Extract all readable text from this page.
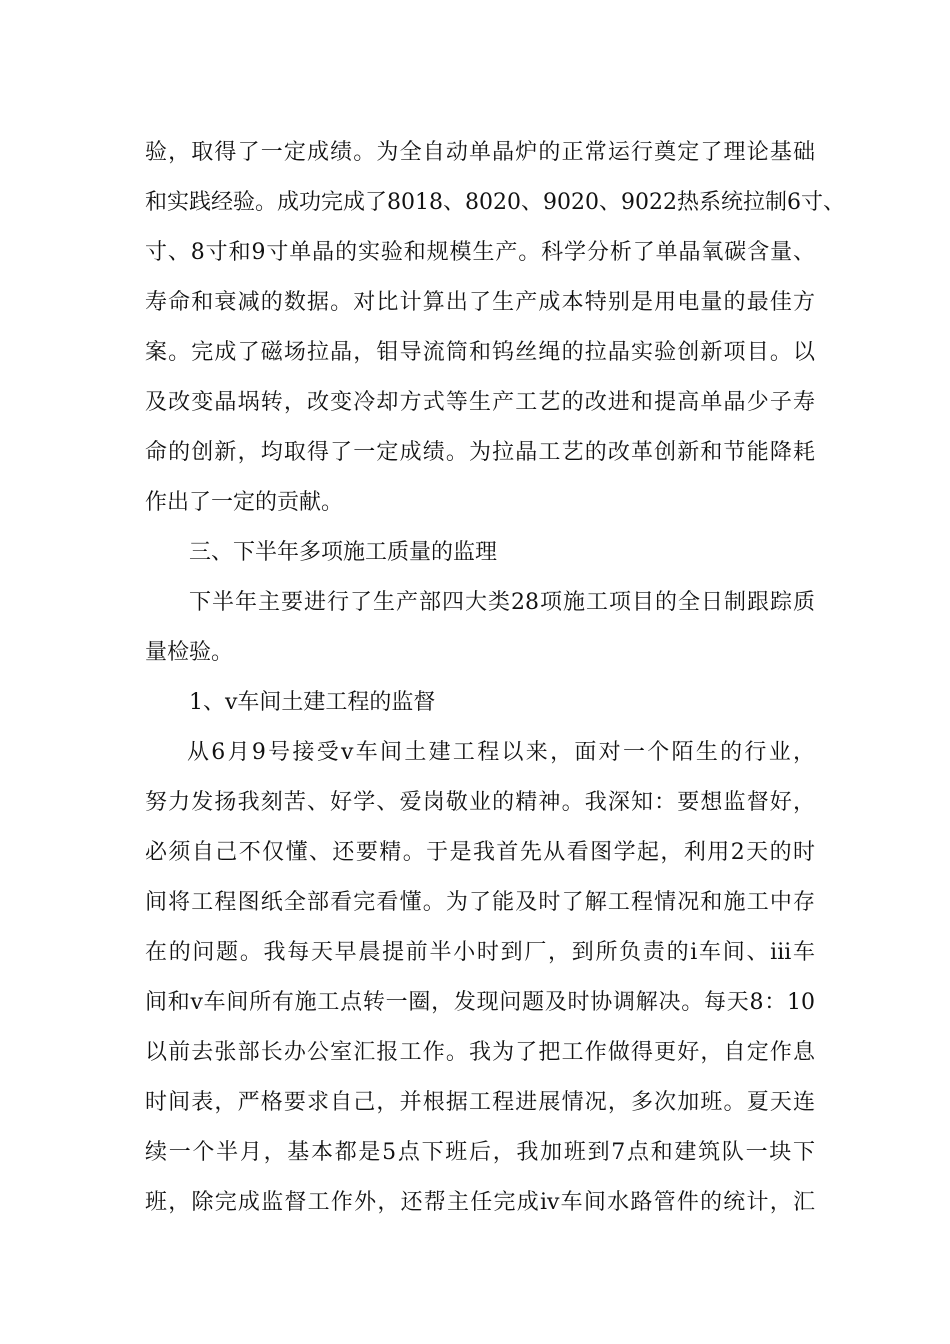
验，取得了一定成绩。为全自动单晶炉的正常运行奠定了理论基础
和实践经验。成功完成了8018、8020、9020、9022热系统拉制6寸、
寸、8寸和9寸单晶的实验和规模生产。科学分析了单晶氧碳含量、
寿命和衰减的数据。对比计算出了生产成本特别是用电量的最佳方
案。完成了磁场拉晶，钼导流筒和钨丝绳的拉晶实验创新项目。以
及改变晶埚转，改变冷却方式等生产工艺的改进和提高单晶少子寿
命的创新，均取得了一定成绩。为拉晶工艺的改革创新和节能降耗
作出了一定的贡献。
三、下半年多项施工质量的监理
下半年主要进行了生产部四大类28项施工项目的全日制跟踪质
量检验。
1、v车间土建工程的监督
从6月9号接受v车间土建工程以来，面对一个陌生的行业，
努力发扬我刻苦、好学、爱岗敬业的精神。我深知：要想监督好，
必须自己不仅懂、还要精。于是我首先从看图学起，利用2天的时
间将工程图纸全部看完看懂。为了能及时了解工程情况和施工中存
在的问题。我每天早晨提前半小时到厂，到所负责的i车间、iii车
间和v车间所有施工点转一圈，发现问题及时协调解决。每天8：10
以前去张部长办公室汇报工作。我为了把工作做得更好，自定作息
时间表，严格要求自己，并根据工程进展情况，多次加班。夏天连
续一个半月，基本都是5点下班后，我加班到7点和建筑队一块下
班，除完成监督工作外，还帮主任完成iv车间水路管件的统计，汇
